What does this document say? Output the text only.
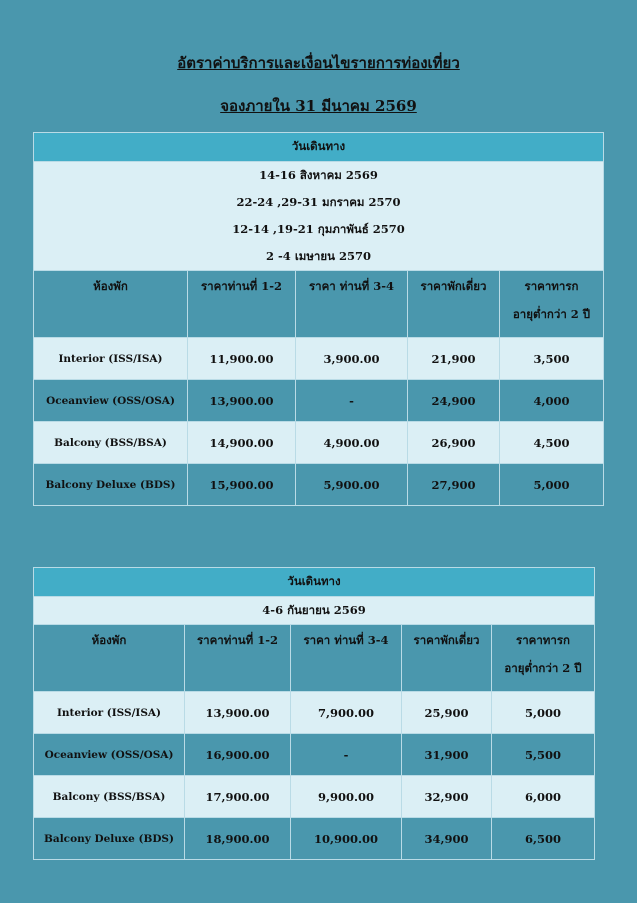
อัตราค่าบริการและเงื่อนไขรายการท่องเที่ยว
จองภายใน 31 มีนาคม 2569
วันเดินทาง				

14-16 สิงหาคม 2569
22-24 ,29-31 มกราคม 2570
12-14 ,19-21 กุมภาพันธ์ 2570
2 -4 เมษายน 2570				

ห้องพัก	ราคาท่านที่ 1-2	ราคา ท่านที่ 3-4	ราคาพักเดี่ยว	ราคาทารก
อายุต่ำกว่า 2 ปี

Interior (ISS/ISA)	11,900.00	3,900.00	21,900	3,500
Oceanview (OSS/OSA)	13,900.00	-	24,900	4,000
Balcony (BSS/BSA)	14,900.00	4,900.00	26,900	4,500
Balcony Deluxe (BDS)	15,900.00	5,900.00	27,900	5,000
วันเดินทาง				

4-6 กันยายน 2569				

ห้องพัก	ราคาท่านที่ 1-2	ราคา ท่านที่ 3-4	ราคาพักเดี่ยว	ราคาทารก
อายุต่ำกว่า 2 ปี

Interior (ISS/ISA)	13,900.00	7,900.00	25,900	5,000
Oceanview (OSS/OSA)	16,900.00	-	31,900	5,500
Balcony (BSS/BSA)	17,900.00	9,900.00	32,900	6,000
Balcony Deluxe (BDS)	18,900.00	10,900.00	34,900	6,500
